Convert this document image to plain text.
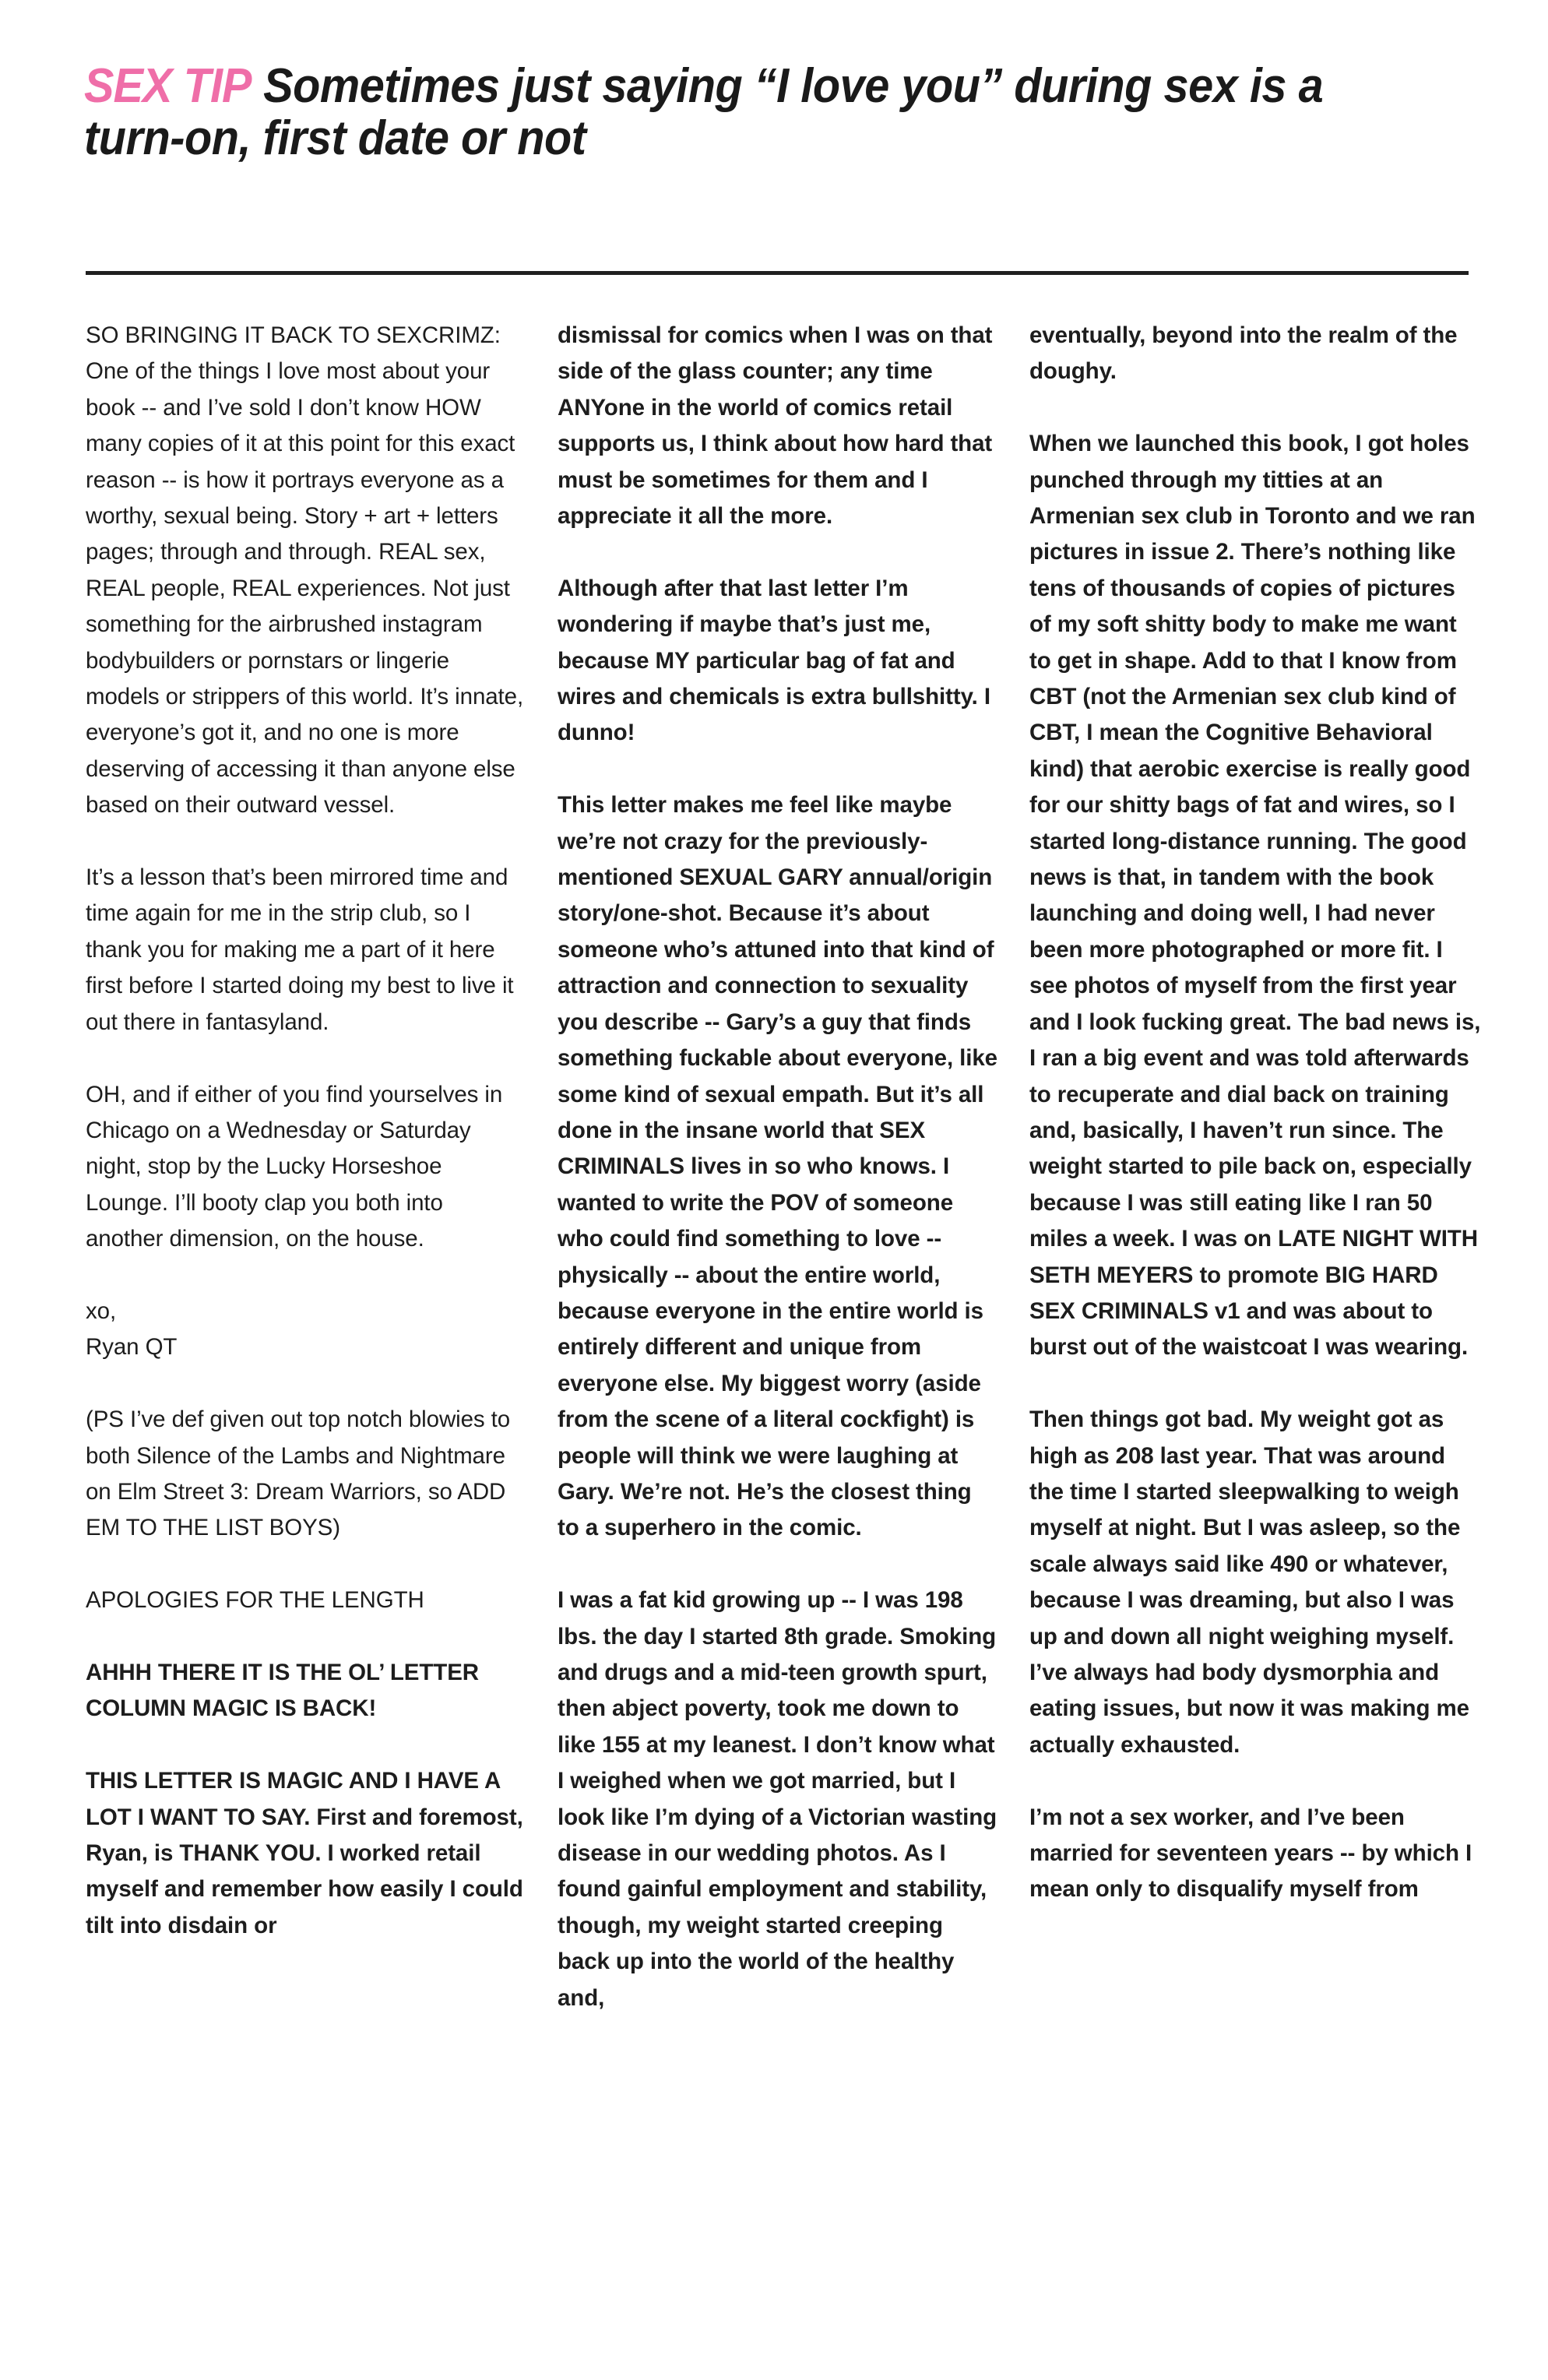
SEX TIP Sometimes just saying “I love you” during sex is a turn-on, first date or not

SO BRINGING IT BACK TO SEXCRIMZ: One of the things I love most about your book -- and I’ve sold I don’t know HOW many copies of it at this point for this exact reason -- is how it portrays everyone as a worthy, sexual being. Story + art + letters pages; through and through. REAL sex, REAL people, REAL experiences. Not just something for the airbrushed instagram bodybuilders or pornstars or lingerie models or strippers of this world. It’s innate, everyone’s got it, and no one is more deserving of accessing it than anyone else based on their outward vessel.

It’s a lesson that’s been mirrored time and time again for me in the strip club, so I thank you for making me a part of it here first before I started doing my best to live it out there in fantasyland.

OH, and if either of you find yourselves in Chicago on a Wednesday or Saturday night, stop by the Lucky Horseshoe Lounge. I’ll booty clap you both into another dimension, on the house.

xo,

Ryan QT

(PS I’ve def given out top notch blowies to both Silence of the Lambs and Nightmare on Elm Street 3: Dream Warriors, so ADD EM TO THE LIST BOYS)

APOLOGIES FOR THE LENGTH

AHHH THERE IT IS THE OL’ LETTER COLUMN MAGIC IS BACK!

THIS LETTER IS MAGIC AND I HAVE A LOT I WANT TO SAY. First and foremost, Ryan, is THANK YOU. I worked retail myself and remember how easily I could tilt into disdain or

dismissal for comics when I was on that side of the glass counter; any time ANYone in the world of comics retail supports us, I think about how hard that must be sometimes for them and I appreciate it all the more.

Although after that last letter I’m wondering if maybe that’s just me, because MY particular bag of fat and wires and chemicals is extra bullshitty. I dunno!

This letter makes me feel like maybe we’re not crazy for the previously-mentioned SEXUAL GARY annual/origin story/one-shot. Because it’s about someone who’s attuned into that kind of attraction and connection to sexuality you describe -- Gary’s a guy that finds something fuckable about everyone, like some kind of sexual empath. But it’s all done in the insane world that SEX CRIMINALS lives in so who knows. I wanted to write the POV of someone who could find something to love -- physically -- about the entire world, because everyone in the entire world is entirely different and unique from everyone else. My biggest worry (aside from the scene of a literal cockfight) is people will think we were laughing at Gary. We’re not. He’s the closest thing to a superhero in the comic.

I was a fat kid growing up -- I was 198 lbs. the day I started 8th grade. Smoking and drugs and a mid-teen growth spurt, then abject poverty, took me down to like 155 at my leanest. I don’t know what I weighed when we got married, but I look like I’m dying of a Victorian wasting disease in our wedding photos. As I found gainful employment and stability, though, my weight started creeping back up into the world of the healthy and,

eventually, beyond into the realm of the doughy.

When we launched this book, I got holes punched through my titties at an Armenian sex club in Toronto and we ran pictures in issue 2. There’s nothing like tens of thousands of copies of pictures of my soft shitty body to make me want to get in shape. Add to that I know from CBT (not the Armenian sex club kind of CBT, I mean the Cognitive Behavioral kind) that aerobic exercise is really good for our shitty bags of fat and wires, so I started long-distance running. The good news is that, in tandem with the book launching and doing well, I had never been more photographed or more fit. I see photos of myself from the first year and I look fucking great. The bad news is, I ran a big event and was told afterwards to recuperate and dial back on training and, basically, I haven’t run since. The weight started to pile back on, especially because I was still eating like I ran 50 miles a week. I was on LATE NIGHT WITH SETH MEYERS to promote BIG HARD SEX CRIMINALS v1 and was about to burst out of the waistcoat I was wearing.

Then things got bad. My weight got as high as 208 last year. That was around the time I started sleepwalking to weigh myself at night. But I was asleep, so the scale always said like 490 or whatever, because I was dreaming, but also I was up and down all night weighing myself. I’ve always had body dysmorphia and eating issues, but now it was making me actually exhausted.

I’m not a sex worker, and I’ve been married for seventeen years -- by which I mean only to disqualify myself from
